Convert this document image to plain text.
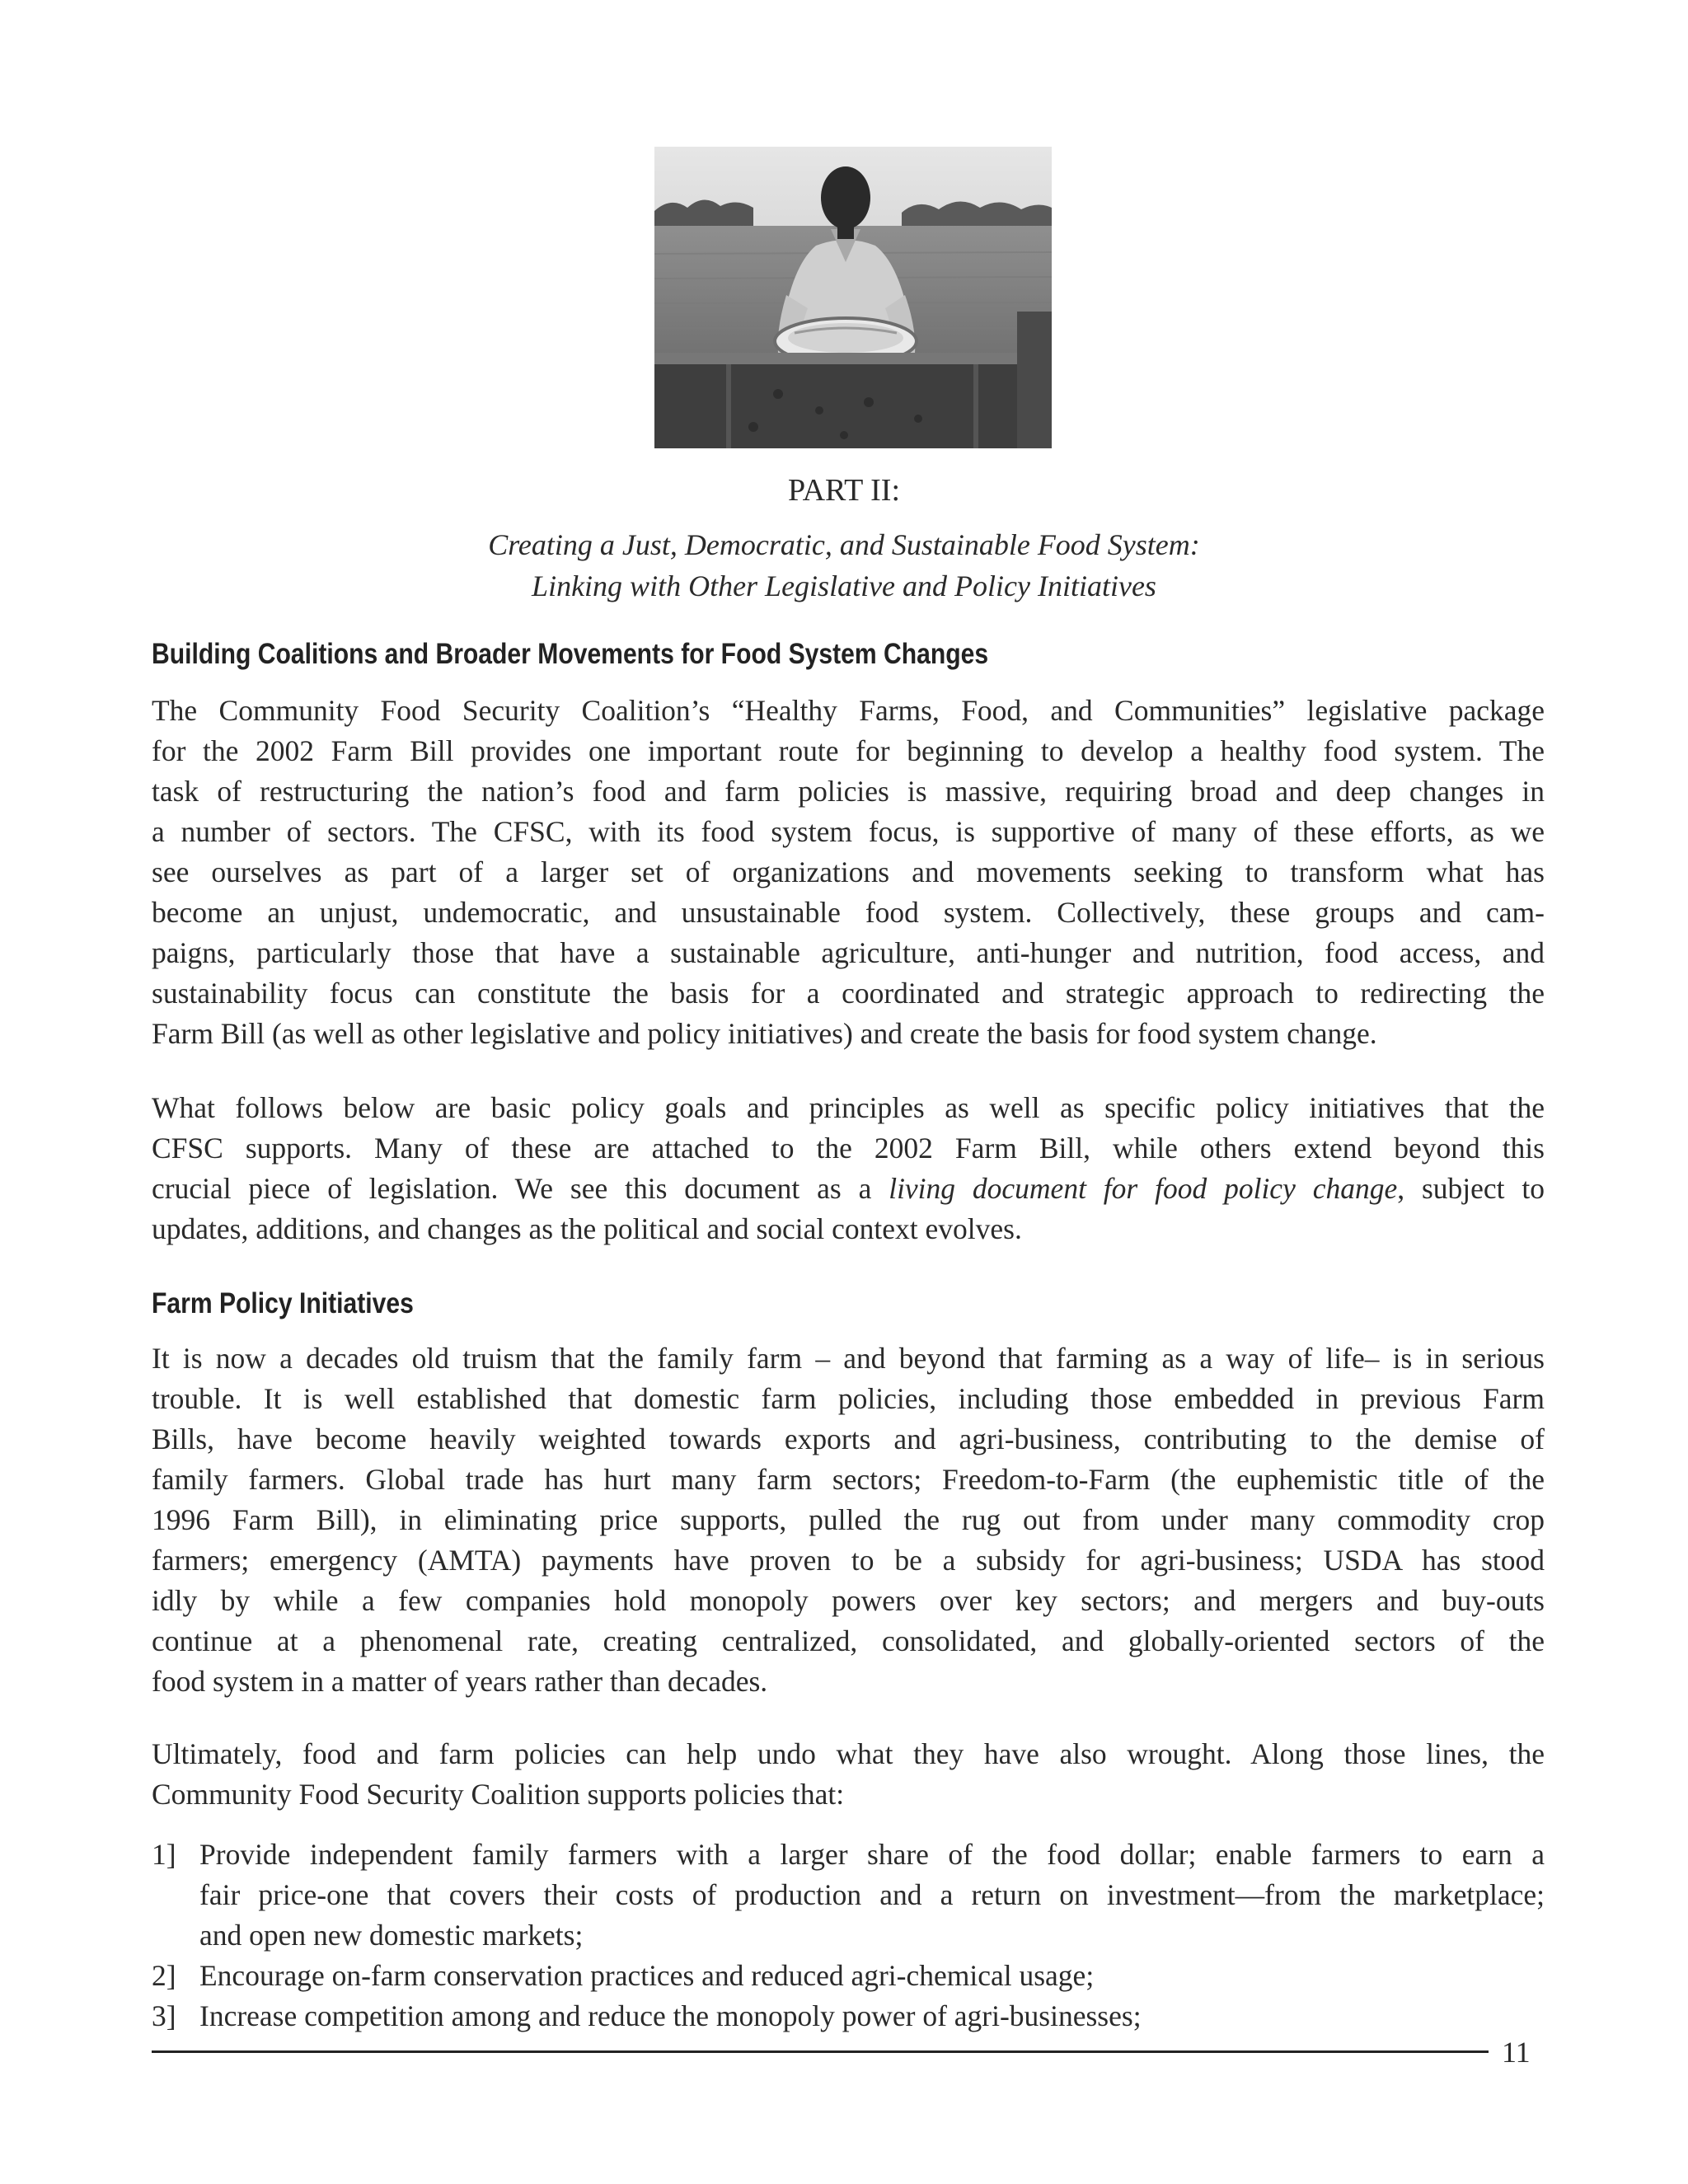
PART II:
Creating a Just, Democratic, and Sustainable Food System:
Linking with Other Legislative and Policy Initiatives
Building Coalitions and Broader Movements for Food System Changes
The Community Food Security Coalition’s “Healthy Farms, Food, and Communities” legislative package
for the 2002 Farm Bill provides one important route for beginning to develop a healthy food system. The
task of restructuring the nation’s food and farm policies is massive, requiring broad and deep changes in
a number of sectors. The CFSC, with its food system focus, is supportive of many of these efforts, as we
see ourselves as part of a larger set of organizations and movements seeking to transform what has
become an unjust, undemocratic, and unsustainable food system. Collectively, these groups and cam-
paigns, particularly those that have a sustainable agriculture, anti-hunger and nutrition, food access, and
sustainability focus can constitute the basis for a coordinated and strategic approach to redirecting the
Farm Bill (as well as other legislative and policy initiatives) and create the basis for food system change.
What follows below are basic policy goals and principles as well as specific policy initiatives that the
CFSC supports. Many of these are attached to the 2002 Farm Bill, while others extend beyond this
crucial piece of legislation. We see this document as a living document for food policy change, subject to
updates, additions, and changes as the political and social context evolves.
Farm Policy Initiatives
It is now a decades old truism that the family farm – and beyond that farming as a way of life– is in serious
trouble. It is well established that domestic farm policies, including those embedded in previous Farm
Bills, have become heavily weighted towards exports and agri-business, contributing to the demise of
family farmers. Global trade has hurt many farm sectors; Freedom-to-Farm (the euphemistic title of the
1996 Farm Bill), in eliminating price supports, pulled the rug out from under many commodity crop
farmers; emergency (AMTA) payments have proven to be a subsidy for agri-business; USDA has stood
idly by while a few companies hold monopoly powers over key sectors; and mergers and buy-outs
continue at a phenomenal rate, creating centralized, consolidated, and globally-oriented sectors of the
food system in a matter of years rather than decades.
Ultimately, food and farm policies can help undo what they have also wrought. Along those lines, the
Community Food Security Coalition supports policies that:
1] Provide independent family farmers with a larger share of the food dollar; enable farmers to earn a
fair price-one that covers their costs of production and a return on investment—from the marketplace;
and open new domestic markets;
2] Encourage on-farm conservation practices and reduced agri-chemical usage;
3] Increase competition among and reduce the monopoly power of agri-businesses;
11
